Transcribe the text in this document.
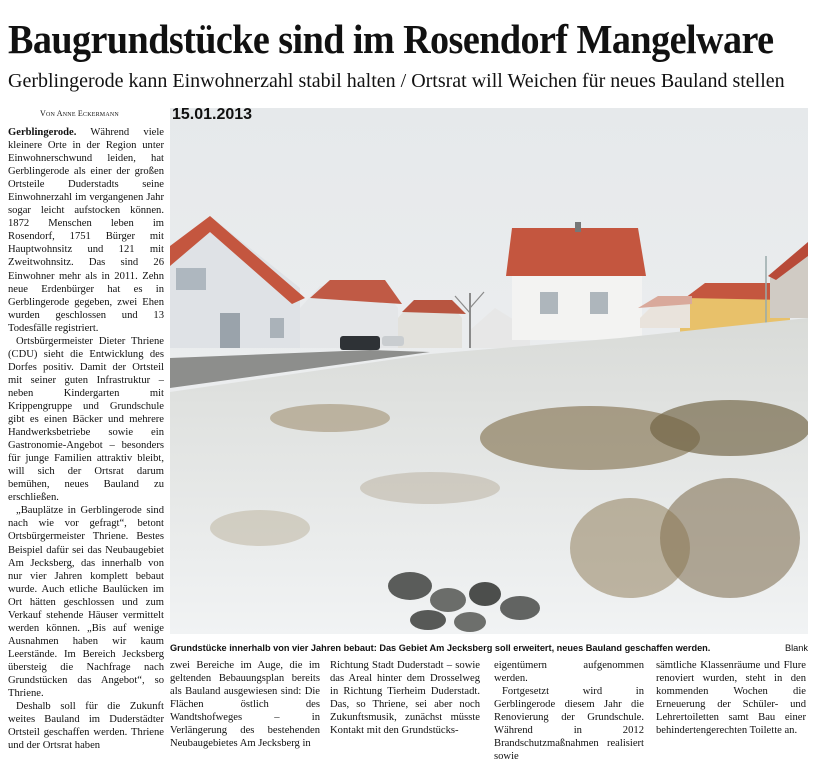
Baugrundstücke sind im Rosendorf Mangelware
Gerblingerode kann Einwohnerzahl stabil halten / Ortsrat will Weichen für neues Bauland stellen
Von Anne Eckermann

Gerblingerode. Während viele kleinere Orte in der Region unter Einwohnerschwund leiden, hat Gerblingerode als einer der großen Ortsteile Duderstadts seine Einwohnerzahl im vergangenen Jahr sogar leicht aufstocken können. 1872 Menschen leben im Rosendorf, 1751 Bürger mit Hauptwohnsitz und 121 mit Zweitwohnsitz. Das sind 26 Einwohner mehr als in 2011. Zehn neue Erdenbürger hat es in Gerblingerode gegeben, zwei Ehen wurden geschlossen und 13 Todesfälle registriert.

Ortsbürgermeister Dieter Thriene (CDU) sieht die Entwicklung des Dorfes positiv. Damit der Ortsteil mit seiner guten Infrastruktur – neben Kindergarten mit Krippengruppe und Grundschule gibt es einen Bäcker und mehrere Handwerksbetriebe sowie ein Gastronomie-Angebot – besonders für junge Familien attraktiv bleibt, will sich der Ortsrat darum bemühen, neues Bauland zu erschließen.

„Bauplätze in Gerblingerode sind nach wie vor gefragt“, betont Ortsbürgermeister Thriene. Bestes Beispiel dafür sei das Neubaugebiet Am Jecksberg, das innerhalb von nur vier Jahren komplett bebaut wurde. Auch etliche Baulücken im Ort hätten geschlossen und zum Verkauf stehende Häuser vermittelt werden können. „Bis auf wenige Ausnahmen haben wir kaum Leerstände. Im Bereich Jecksberg übersteig die Nachfrage nach Grundstücken das Angebot“, so Thriene.

Deshalb soll für die Zukunft weites Bauland im Duderstädter Ortsteil geschaffen werden. Thriene und der Ortsrat haben

15.01.2013
Grundstücke innerhalb von vier Jahren bebaut: Das Gebiet Am Jecksberg soll erweitert, neues Bauland geschaffen werden.	Blank

zwei Bereiche im Auge, die im geltenden Bebauungsplan bereits als Bauland ausgewiesen sind: Die Flächen östlich des Wandtshofweges – in Verlängerung des bestehenden Neubaugebietes Am Jecksberg in

Richtung Stadt Duderstadt – sowie das Areal hinter dem Drosselweg in Richtung Tierheim Duderstadt. Das, so Thriene, sei aber noch Zukunftsmusik, zunächst müsste Kontakt mit den Grundstücks-

eigentümern aufgenommen werden.

Fortgesetzt wird in Gerblingerode diesem Jahr die Renovierung der Grundschule. Während in 2012 Brandschutzmaßnahmen realisiert sowie

sämtliche Klassenräume und Flure renoviert wurden, steht in den kommenden Wochen die Erneuerung der Schüler- und Lehrertoiletten samt Bau einer behindertengerechten Toilette an.
